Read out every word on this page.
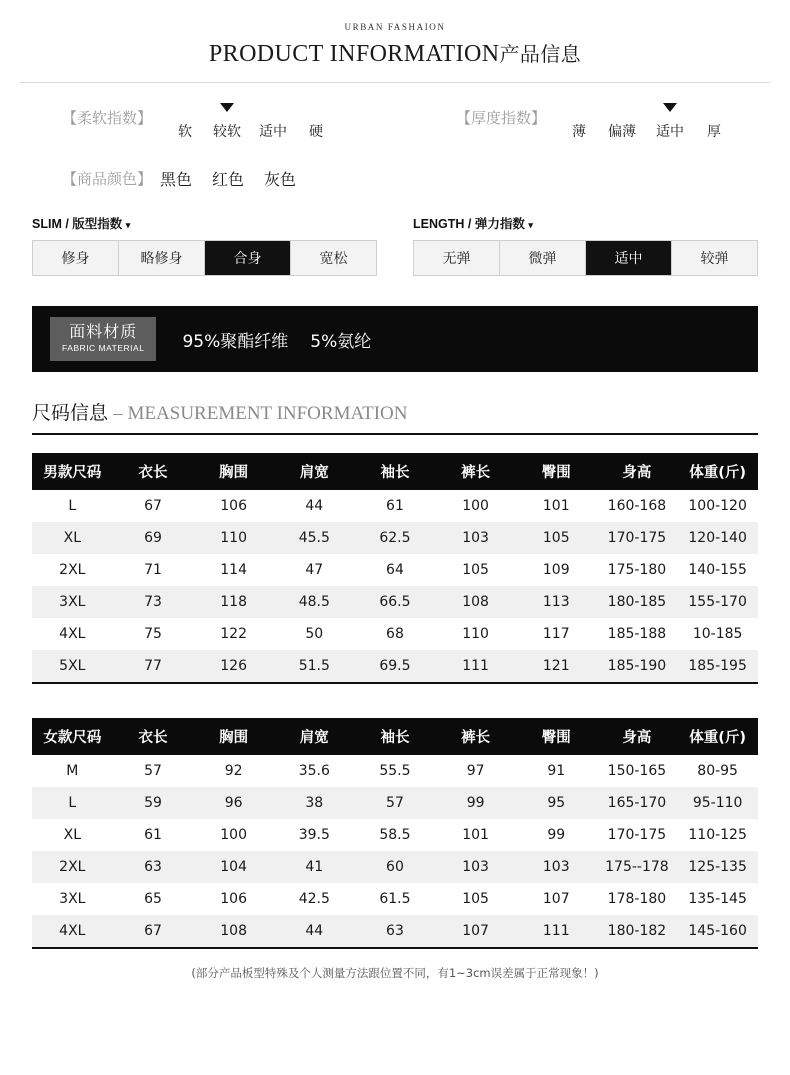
URBAN FASHAION
PRODUCT INFORMATION产品信息
【柔软指数】
软	较软	适中	硬
【厚度指数】
薄	偏薄	适中	厚
【商品颜色】 黑色 红色 灰色
SLIM / 版型指数 ▾
修身	略修身	合身	宽松
LENGTH / 弹力指数 ▾
无弹	微弹	适中	较弹
面料材质
FABRIC MATERIAL 95%聚酯纤维 5%氨纶
尺码信息 – MEASUREMENT INFORMATION
男款尺码	衣长	胸围	肩宽	袖长	裤长	臀围	身高	体重(斤)
L	67	106	44	61	100	101	160-168	100-120
XL	69	110	45.5	62.5	103	105	170-175	120-140
2XL	71	114	47	64	105	109	175-180	140-155
3XL	73	118	48.5	66.5	108	113	180-185	155-170
4XL	75	122	50	68	110	117	185-188	10-185
5XL	77	126	51.5	69.5	111	121	185-190	185-195

女款尺码	衣长	胸围	肩宽	袖长	裤长	臀围	身高	体重(斤)
M	57	92	35.6	55.5	97	91	150-165	80-95
L	59	96	38	57	99	95	165-170	95-110
XL	61	100	39.5	58.5	101	99	170-175	110-125
2XL	63	104	41	60	103	103	175--178	125-135
3XL	65	106	42.5	61.5	105	107	178-180	135-145
4XL	67	108	44	63	107	111	180-182	145-160

(部分产品板型特殊及个人测量方法跟位置不同，有1~3cm误差属于正常现象！)
